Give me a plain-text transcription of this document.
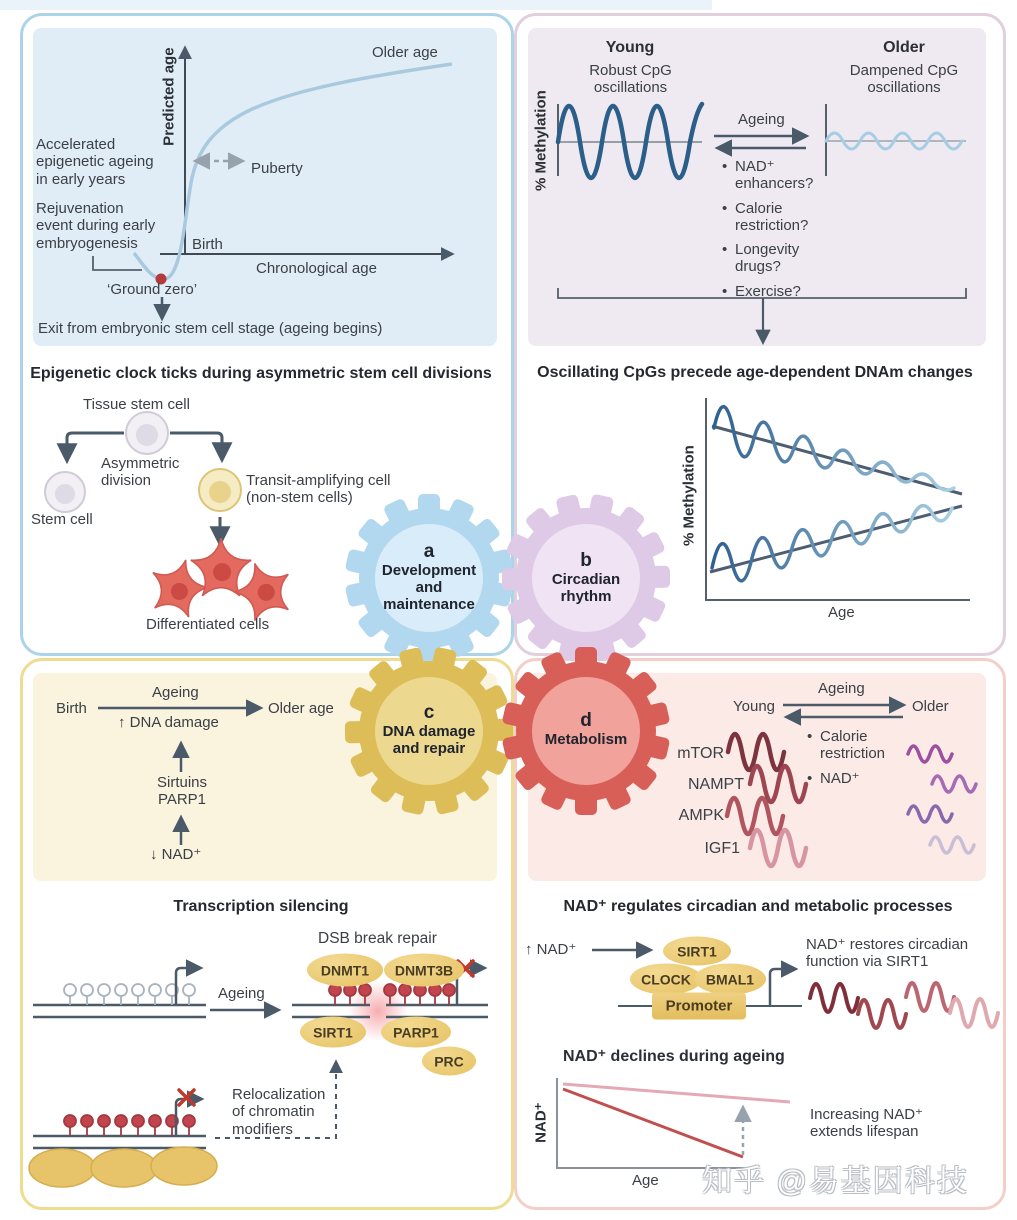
Predicted age	Older age
Puberty
Accelerated
epigenetic ageing
in early years
Rejuvenation
event during early
embryogenesis	Birth
Chronological age
‘Ground zero’
Exit from embryonic stem cell stage (ageing begins)
Epigenetic clock ticks during asymmetric stem cell divisions
Tissue stem cell
Asymmetric
division
Stem cell
Transit-amplifying cell
(non-stem cells)
Differentiated cells
Young
Robust CpG
oscillations
Older
Dampened CpG
oscillations
% Methylation	Ageing
• NAD⁺
enhancers?
• Calorie
restriction?
• Longevity
drugs?
• Exercise?
Oscillating CpGs precede age-dependent DNAm changes
% Methylation
Age
a
Development
and
maintenance
b
Circadian
rhythm
c
DNA damage
and repair
d
Metabolism
Birth
Ageing
Older age
↑ DNA damage
Sirtuins
PARP1
↓ NAD⁺
Transcription silencing
DSB break repair
Ageing
Relocalization
of chromatin
modifiers
DNMT1	DNMT3B
SIRT1	PARP1
PRC
Young
Ageing
Older
• Calorie
restriction
• NAD⁺
mTOR
NAMPT
AMPK
IGF1
NAD⁺ regulates circadian and metabolic processes
↑ NAD⁺	SIRT1
CLOCK	BMAL1
Promoter
NAD⁺ restores circadian
function via SIRT1
NAD⁺ declines during ageing
NAD⁺
Age
Increasing NAD⁺
extends lifespan
知乎 @易基因科技
